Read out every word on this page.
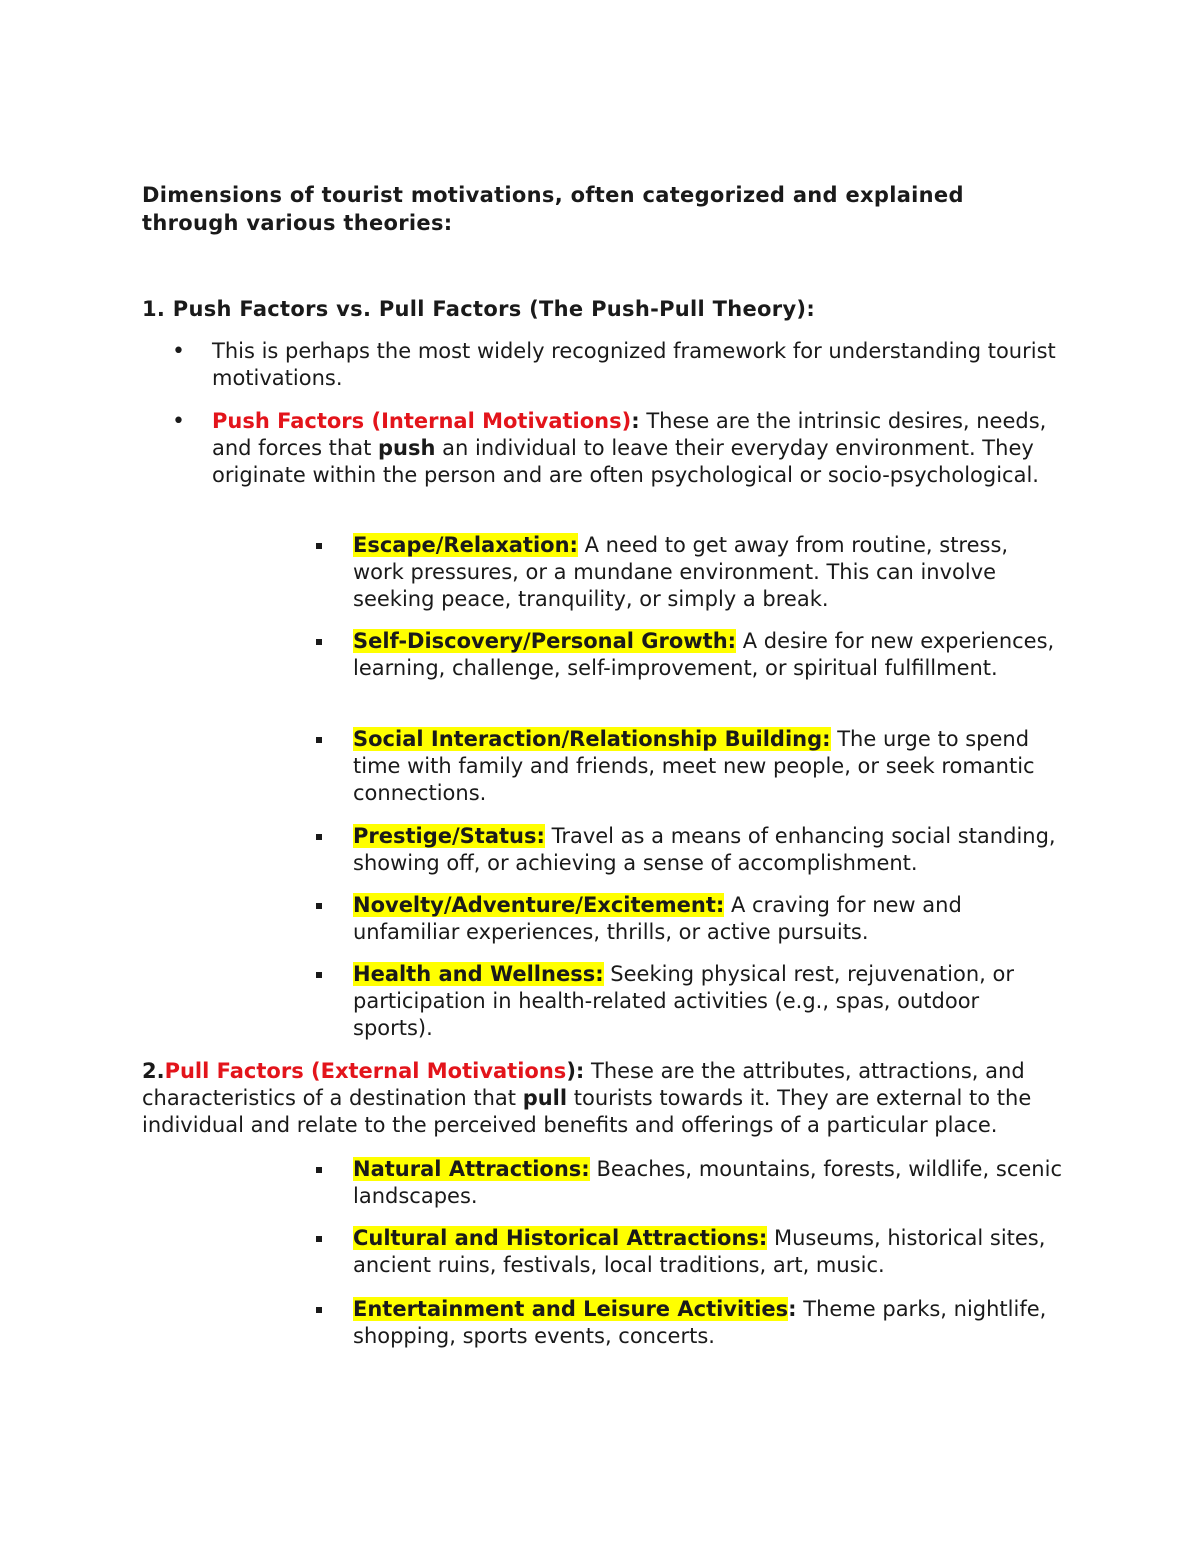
Dimensions of tourist motivations, often categorized and explained through various theories:
1. Push Factors vs. Pull Factors (The Push-Pull Theory):
• This is perhaps the most widely recognized framework for understanding tourist motivations.
• Push Factors (Internal Motivations): These are the intrinsic desires, needs, and forces that push an individual to leave their everyday environment. They originate within the person and are often psychological or socio-psychological.
Escape/Relaxation: A need to get away from routine, stress, work pressures, or a mundane environment. This can involve seeking peace, tranquility, or simply a break.
Self-Discovery/Personal Growth: A desire for new experiences, learning, challenge, self-improvement, or spiritual fulfillment.
Social Interaction/Relationship Building: The urge to spend time with family and friends, meet new people, or seek romantic connections.
Prestige/Status: Travel as a means of enhancing social standing, showing off, or achieving a sense of accomplishment.
Novelty/Adventure/Excitement: A craving for new and unfamiliar experiences, thrills, or active pursuits.
Health and Wellness: Seeking physical rest, rejuvenation, or participation in health-related activities (e.g., spas, outdoor sports).
2.Pull Factors (External Motivations): These are the attributes, attractions, and characteristics of a destination that pull tourists towards it. They are external to the individual and relate to the perceived benefits and offerings of a particular place.
Natural Attractions: Beaches, mountains, forests, wildlife, scenic landscapes.
Cultural and Historical Attractions: Museums, historical sites, ancient ruins, festivals, local traditions, art, music.
Entertainment and Leisure Activities: Theme parks, nightlife, shopping, sports events, concerts.
